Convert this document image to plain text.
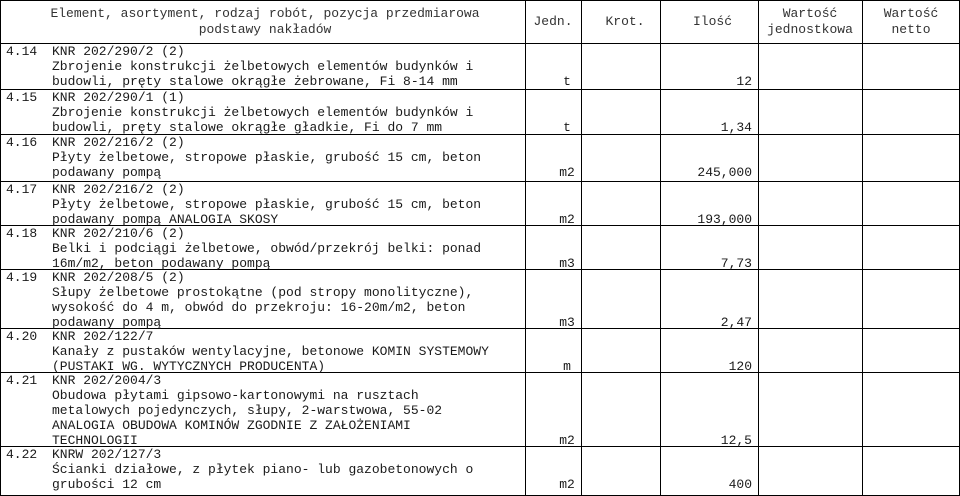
Element, asortyment, rodzaj robót, pozycja przedmiarowa
podstawy nakładów
Jedn.	Krot.	Ilość
Wartość
jednostkowa
Wartość
netto
4.14 KNR 202/290/2 (2)
Zbrojenie konstrukcji żelbetowych elementów budynków i
budowli, pręty stalowe okrągłe żebrowane, Fi 8-14 mm	t	12
4.15 KNR 202/290/1 (1)
Zbrojenie konstrukcji żelbetowych elementów budynków i
budowli, pręty stalowe okrągłe gładkie, Fi do 7 mm	t	1,34
4.16 KNR 202/216/2 (2)
Płyty żelbetowe, stropowe płaskie, grubość 15 cm, beton
podawany pompą	m2	245,000
4.17 KNR 202/216/2 (2)
Płyty żelbetowe, stropowe płaskie, grubość 15 cm, beton
podawany pompą ANALOGIA SKOSY	m2	193,000
4.18 KNR 202/210/6 (2)
Belki i podciągi żelbetowe, obwód/przekrój belki: ponad
16m/m2, beton podawany pompą	m3	7,73
4.19 KNR 202/208/5 (2)
Słupy żelbetowe prostokątne (pod stropy monolityczne),
wysokość do 4 m, obwód do przekroju: 16-20m/m2, beton
podawany pompą	m3	2,47
4.20 KNR 202/122/7
Kanały z pustaków wentylacyjne, betonowe KOMIN SYSTEMOWY
(PUSTAKI WG. WYTYCZNYCH PRODUCENTA)	m	120
4.21 KNR 202/2004/3
Obudowa płytami gipsowo-kartonowymi na rusztach
metalowych pojedynczych, słupy, 2-warstwowa, 55-02
ANALOGIA OBUDOWA KOMINÓW ZGODNIE Z ZAŁOŻENIAMI
TECHNOLOGII	m2	12,5
4.22 KNRW 202/127/3
Ścianki działowe, z płytek piano- lub gazobetonowych o
grubości 12 cm	m2	400
